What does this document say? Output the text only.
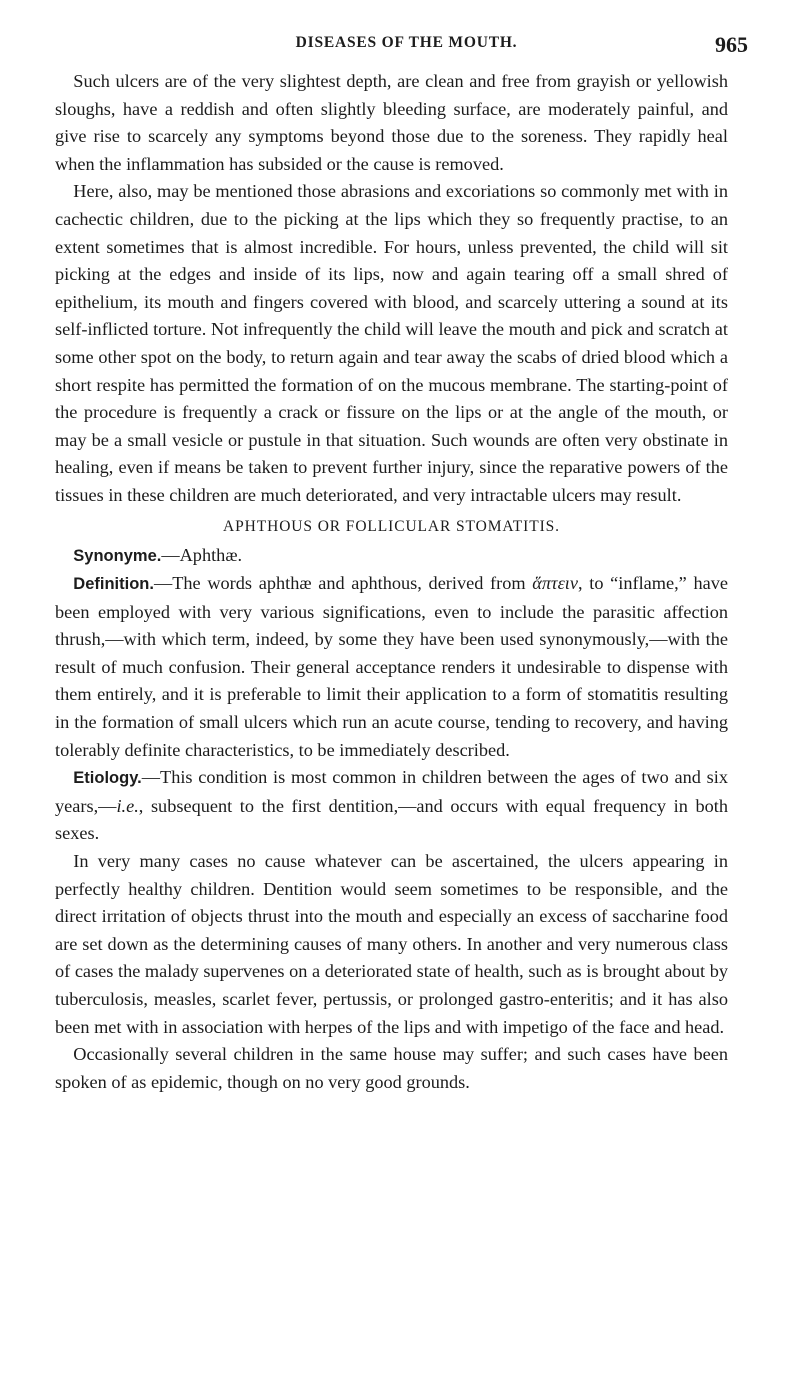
DISEASES OF THE MOUTH.	965

Such ulcers are of the very slightest depth, are clean and free from grayish or yellowish sloughs, have a reddish and often slightly bleeding surface, are moderately painful, and give rise to scarcely any symptoms beyond those due to the soreness. They rapidly heal when the inflammation has subsided or the cause is removed.

Here, also, may be mentioned those abrasions and excoriations so commonly met with in cachectic children, due to the picking at the lips which they so frequently practise, to an extent sometimes that is almost incredible. For hours, unless prevented, the child will sit picking at the edges and inside of its lips, now and again tearing off a small shred of epithelium, its mouth and fingers covered with blood, and scarcely uttering a sound at its self-inflicted torture. Not infrequently the child will leave the mouth and pick and scratch at some other spot on the body, to return again and tear away the scabs of dried blood which a short respite has permitted the formation of on the mucous membrane. The starting-point of the procedure is frequently a crack or fissure on the lips or at the angle of the mouth, or may be a small vesicle or pustule in that situation. Such wounds are often very obstinate in healing, even if means be taken to prevent further injury, since the reparative powers of the tissues in these children are much deteriorated, and very intractable ulcers may result.

APHTHOUS OR FOLLICULAR STOMATITIS.

Synonyme.—Aphthæ.

Definition.—The words aphthæ and aphthous, derived from ἅπτειν, to “inflame,” have been employed with very various significations, even to include the parasitic affection thrush,—with which term, indeed, by some they have been used synonymously,—with the result of much confusion. Their general acceptance renders it undesirable to dispense with them entirely, and it is preferable to limit their application to a form of stomatitis resulting in the formation of small ulcers which run an acute course, tending to recovery, and having tolerably definite characteristics, to be immediately described.

Etiology.—This condition is most common in children between the ages of two and six years,—i.e., subsequent to the first dentition,—and occurs with equal frequency in both sexes.

In very many cases no cause whatever can be ascertained, the ulcers appearing in perfectly healthy children. Dentition would seem sometimes to be responsible, and the direct irritation of objects thrust into the mouth and especially an excess of saccharine food are set down as the determining causes of many others. In another and very numerous class of cases the malady supervenes on a deteriorated state of health, such as is brought about by tuberculosis, measles, scarlet fever, pertussis, or prolonged gastro-enteritis; and it has also been met with in association with herpes of the lips and with impetigo of the face and head.

Occasionally several children in the same house may suffer; and such cases have been spoken of as epidemic, though on no very good grounds.
